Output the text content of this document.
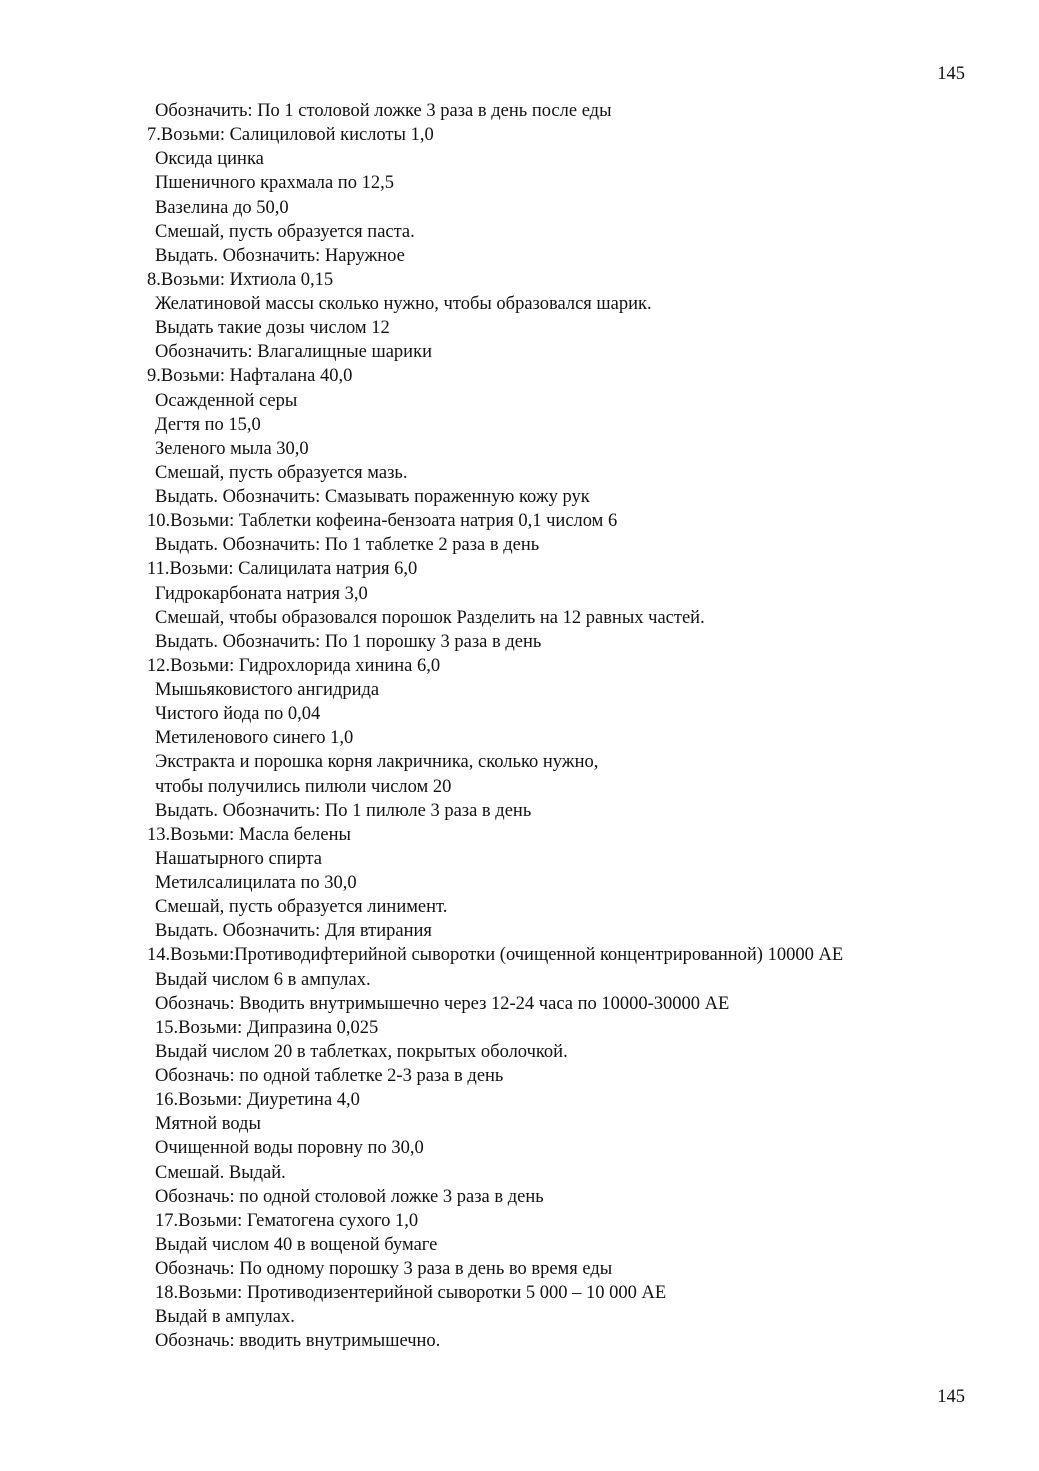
145
Обозначить: По 1 столовой ложке 3 раза в день после еды
7.Возьми: Салициловой кислоты 1,0
Оксида цинка
Пшеничного крахмала по 12,5
Вазелина до 50,0
Смешай, пусть образуется паста.
Выдать. Обозначить: Наружное
8.Возьми: Ихтиола 0,15
Желатиновой массы сколько нужно, чтобы образовался шарик.
Выдать такие дозы числом 12
Обозначить: Влагалищные шарики
9.Возьми: Нафталана 40,0
Осажденной серы
Дегтя по 15,0
Зеленого мыла 30,0
Смешай, пусть образуется мазь.
Выдать. Обозначить: Смазывать пораженную кожу рук
10.Возьми: Таблетки кофеина-бензоата натрия 0,1 числом 6
Выдать. Обозначить: По 1 таблетке 2 раза в день
11.Возьми: Салицилата натрия 6,0
Гидрокарбоната натрия 3,0
Смешай, чтобы образовался порошок Разделить на 12 равных частей.
Выдать. Обозначить: По 1 порошку 3 раза в день
12.Возьми: Гидрохлорида хинина 6,0
Мышьяковистого ангидрида
Чистого йода по 0,04
Метиленового синего 1,0
Экстракта и порошка корня лакричника, сколько нужно,
чтобы получились пилюли числом 20
Выдать. Обозначить: По 1 пилюле 3 раза в день
13.Возьми: Масла белены
Нашатырного спирта
Метилсалицилата по 30,0
Смешай, пусть образуется линимент.
Выдать. Обозначить: Для втирания
14.Возьми:Противодифтерийной сыворотки (очищенной концентрированной) 10000 АЕ
Выдай числом 6 в ампулах.
Обозначь: Вводить внутримышечно через 12-24 часа по 10000-30000 АЕ
15.Возьми: Дипразина 0,025
Выдай числом 20 в таблетках, покрытых оболочкой.
Обозначь: по одной таблетке 2-3 раза в день
16.Возьми: Диуретина 4,0
Мятной воды
Очищенной воды поровну по 30,0
Смешай. Выдай.
Обозначь: по одной столовой ложке 3 раза в день
17.Возьми: Гематогена сухого 1,0
Выдай числом 40 в вощеной бумаге
Обозначь: По одному порошку 3 раза в день во время еды
18.Возьми: Противодизентерийной сыворотки 5 000 – 10 000 АЕ
Выдай в ампулах.
Обозначь: вводить внутримышечно.
145
